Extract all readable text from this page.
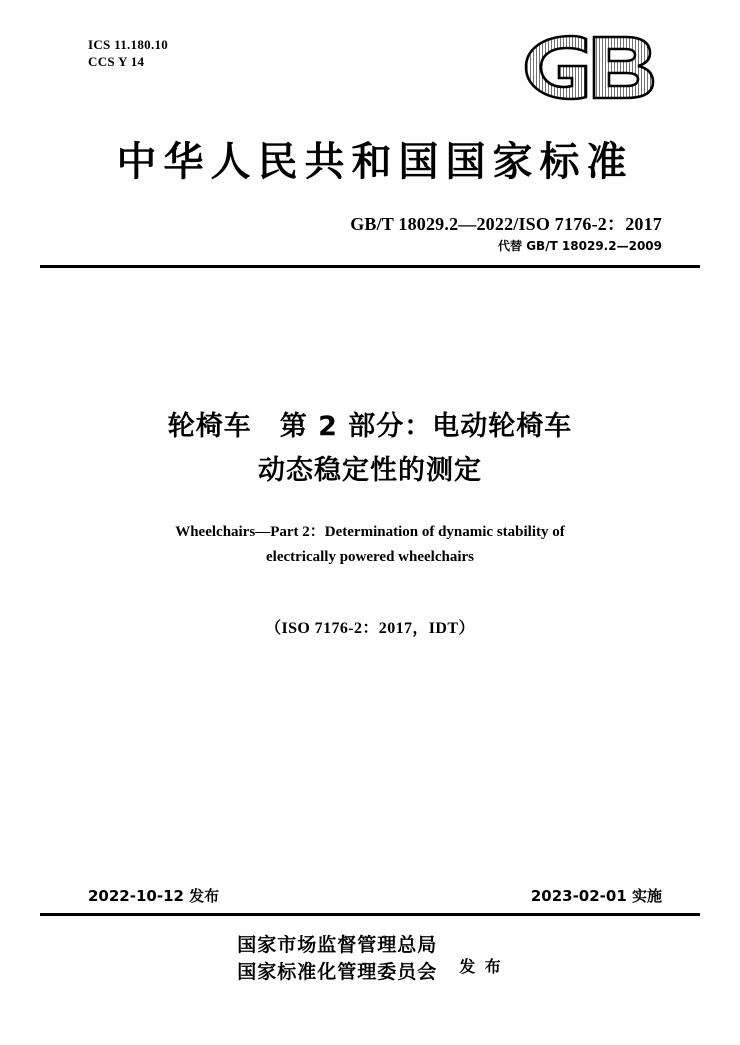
ICS 11.180.10
CCS Y 14
中华人民共和国国家标准
GB/T 18029.2—2022/ISO 7176-2：2017
代替 GB/T 18029.2—2009
轮椅车　第 2 部分：电动轮椅车
动态稳定性的测定
Wheelchairs—Part 2：Determination of dynamic stability of
electrically powered wheelchairs
（ISO 7176-2：2017，IDT）
2022-10-12 发布	2023-02-01 实施
国家市场监督管理总局
国家标准化管理委员会 发 布
